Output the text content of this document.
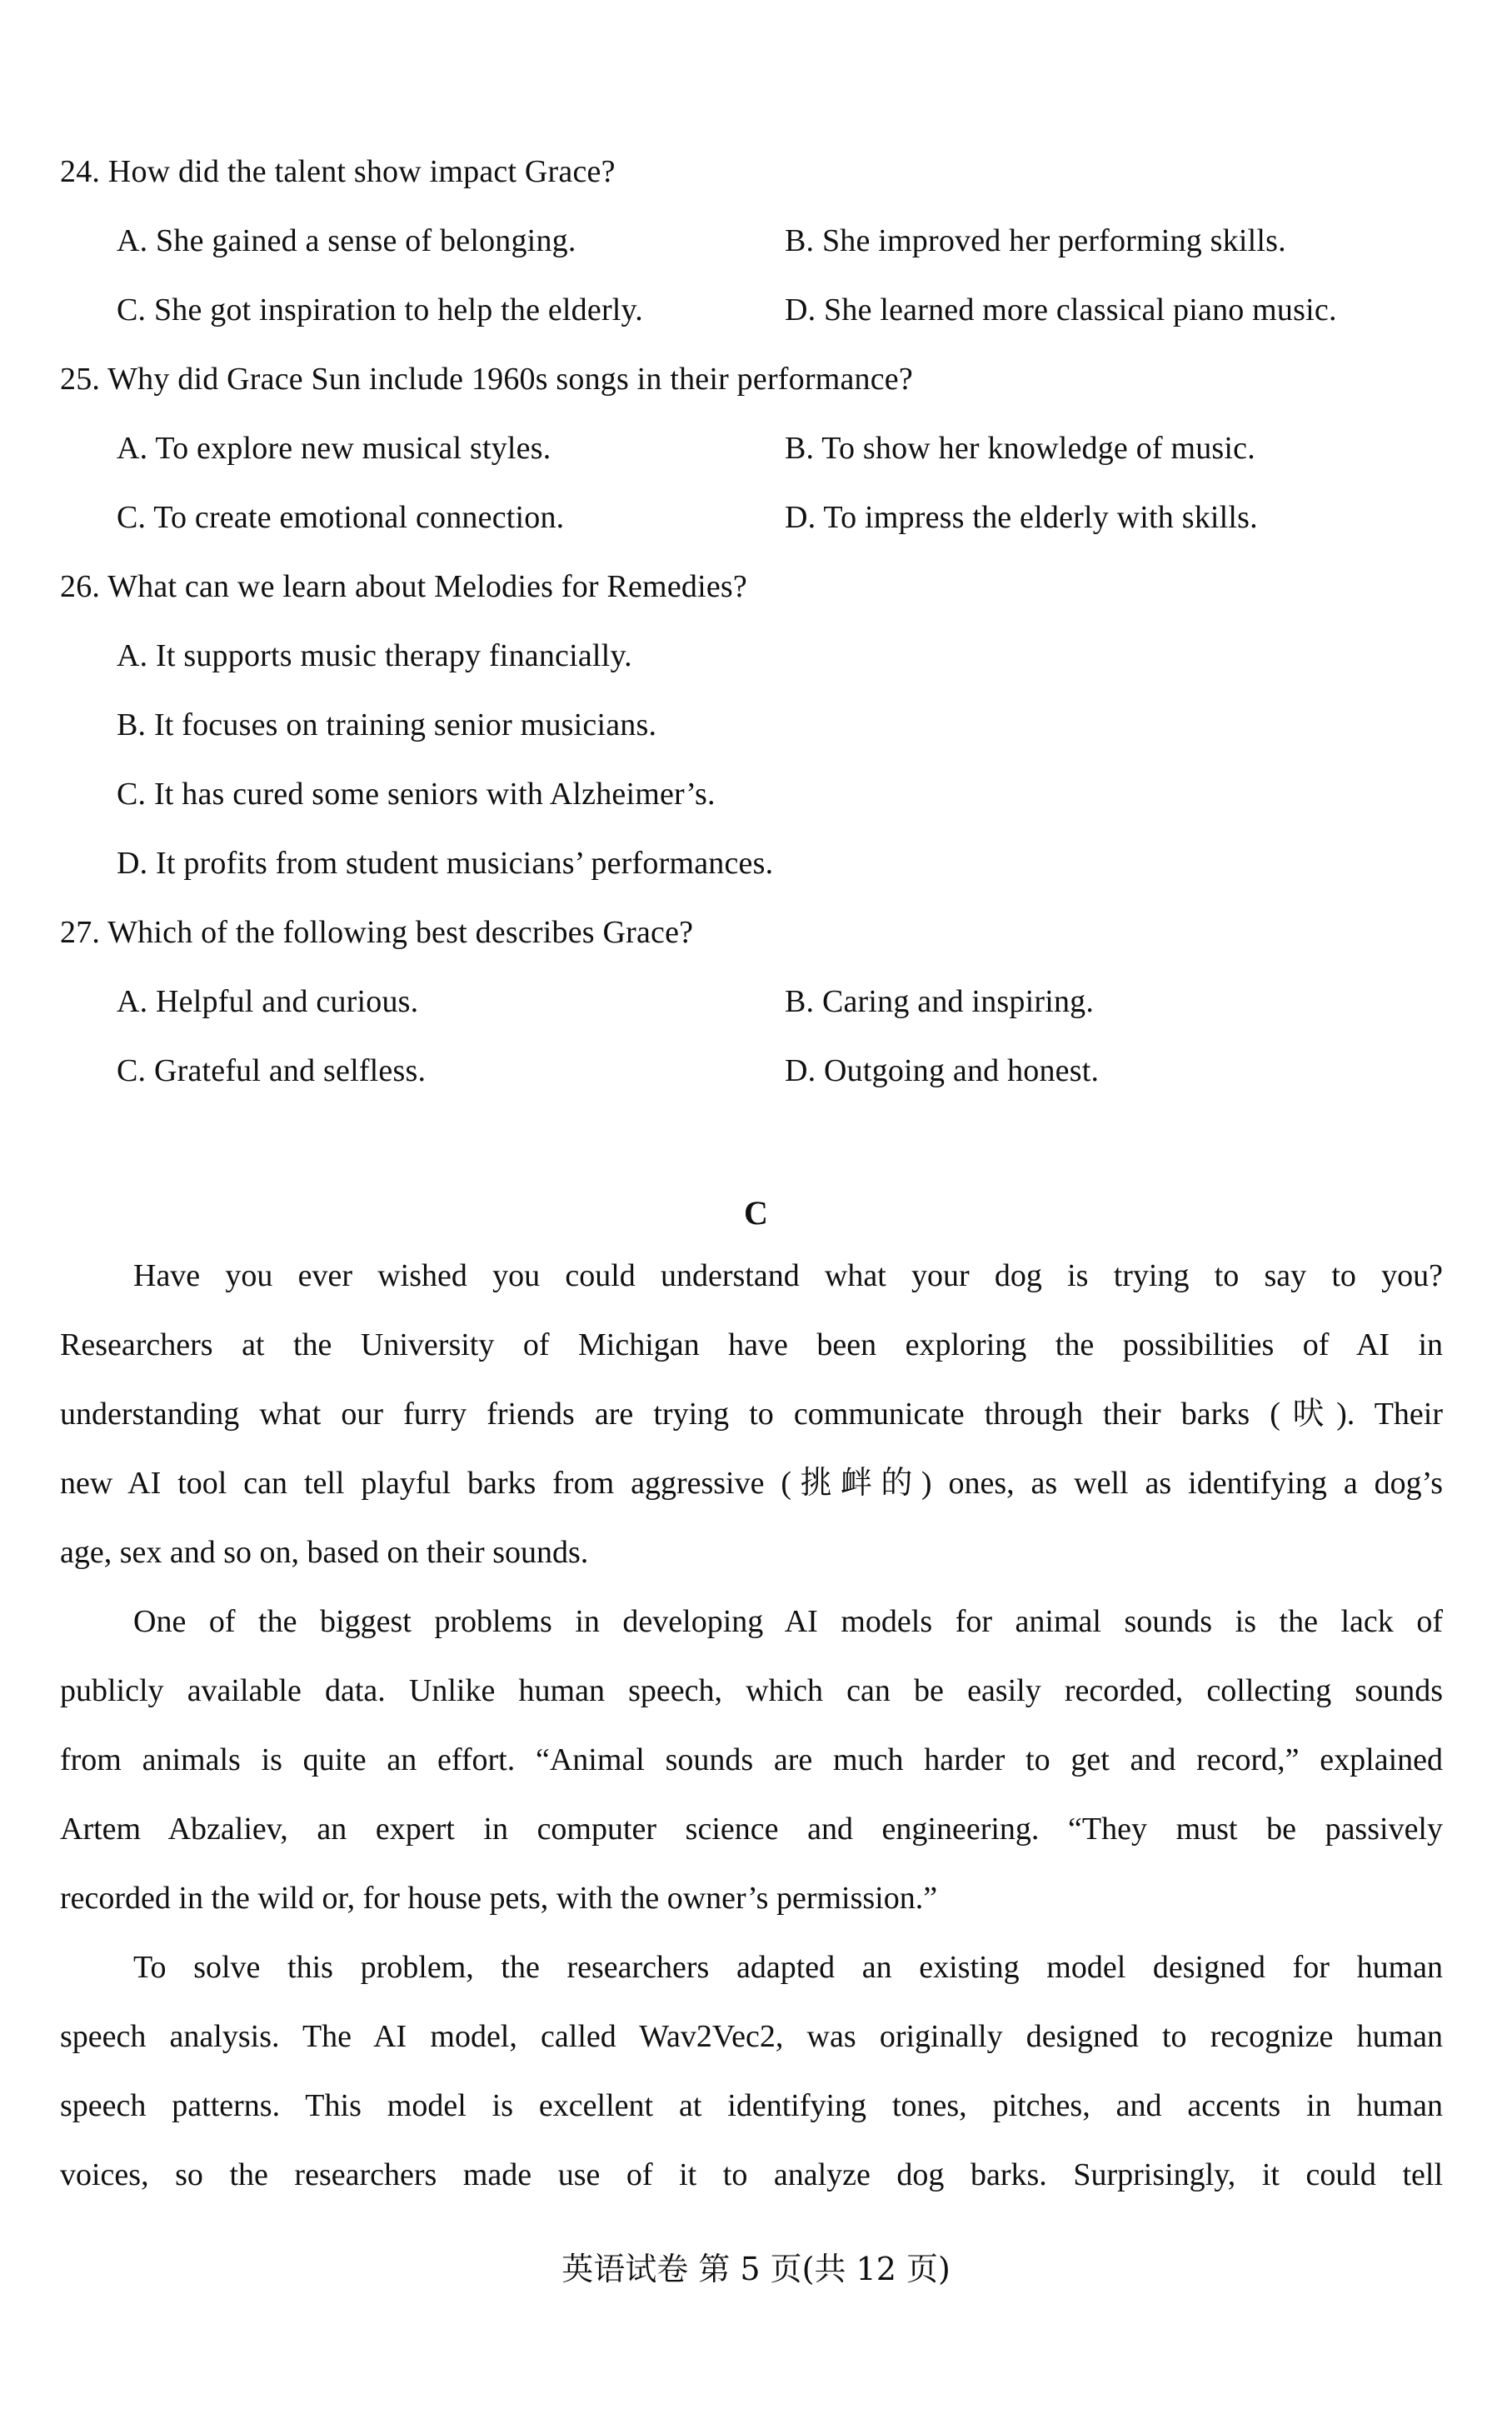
24. How did the talent show impact Grace?
A. She gained a sense of belonging.	B. She improved her performing skills.
C. She got inspiration to help the elderly.	D. She learned more classical piano music.
25. Why did Grace Sun include 1960s songs in their performance?
A. To explore new musical styles.	B. To show her knowledge of music.
C. To create emotional connection.	D. To impress the elderly with skills.
26. What can we learn about Melodies for Remedies?
A. It supports music therapy financially.
B. It focuses on training senior musicians.
C. It has cured some seniors with Alzheimer’s.
D. It profits from student musicians’ performances.
27. Which of the following best describes Grace?
A. Helpful and curious.	B. Caring and inspiring.
C. Grateful and selfless.	D. Outgoing and honest.
C
Have you ever wished you could understand what your dog is trying to say to you?
Researchers at the University of Michigan have been exploring the possibilities of AI in
understanding what our furry friends are trying to communicate through their barks (吠). Their
new AI tool can tell playful barks from aggressive (挑衅的) ones, as well as identifying a dog’s
age, sex and so on, based on their sounds.
One of the biggest problems in developing AI models for animal sounds is the lack of
publicly available data. Unlike human speech, which can be easily recorded, collecting sounds
from animals is quite an effort. “Animal sounds are much harder to get and record,” explained
Artem Abzaliev, an expert in computer science and engineering. “They must be passively
recorded in the wild or, for house pets, with the owner’s permission.”
To solve this problem, the researchers adapted an existing model designed for human
speech analysis. The AI model, called Wav2Vec2, was originally designed to recognize human
speech patterns. This model is excellent at identifying tones, pitches, and accents in human
voices, so the researchers made use of it to analyze dog barks. Surprisingly, it could tell
英语试卷 第 5 页(共 12 页)
